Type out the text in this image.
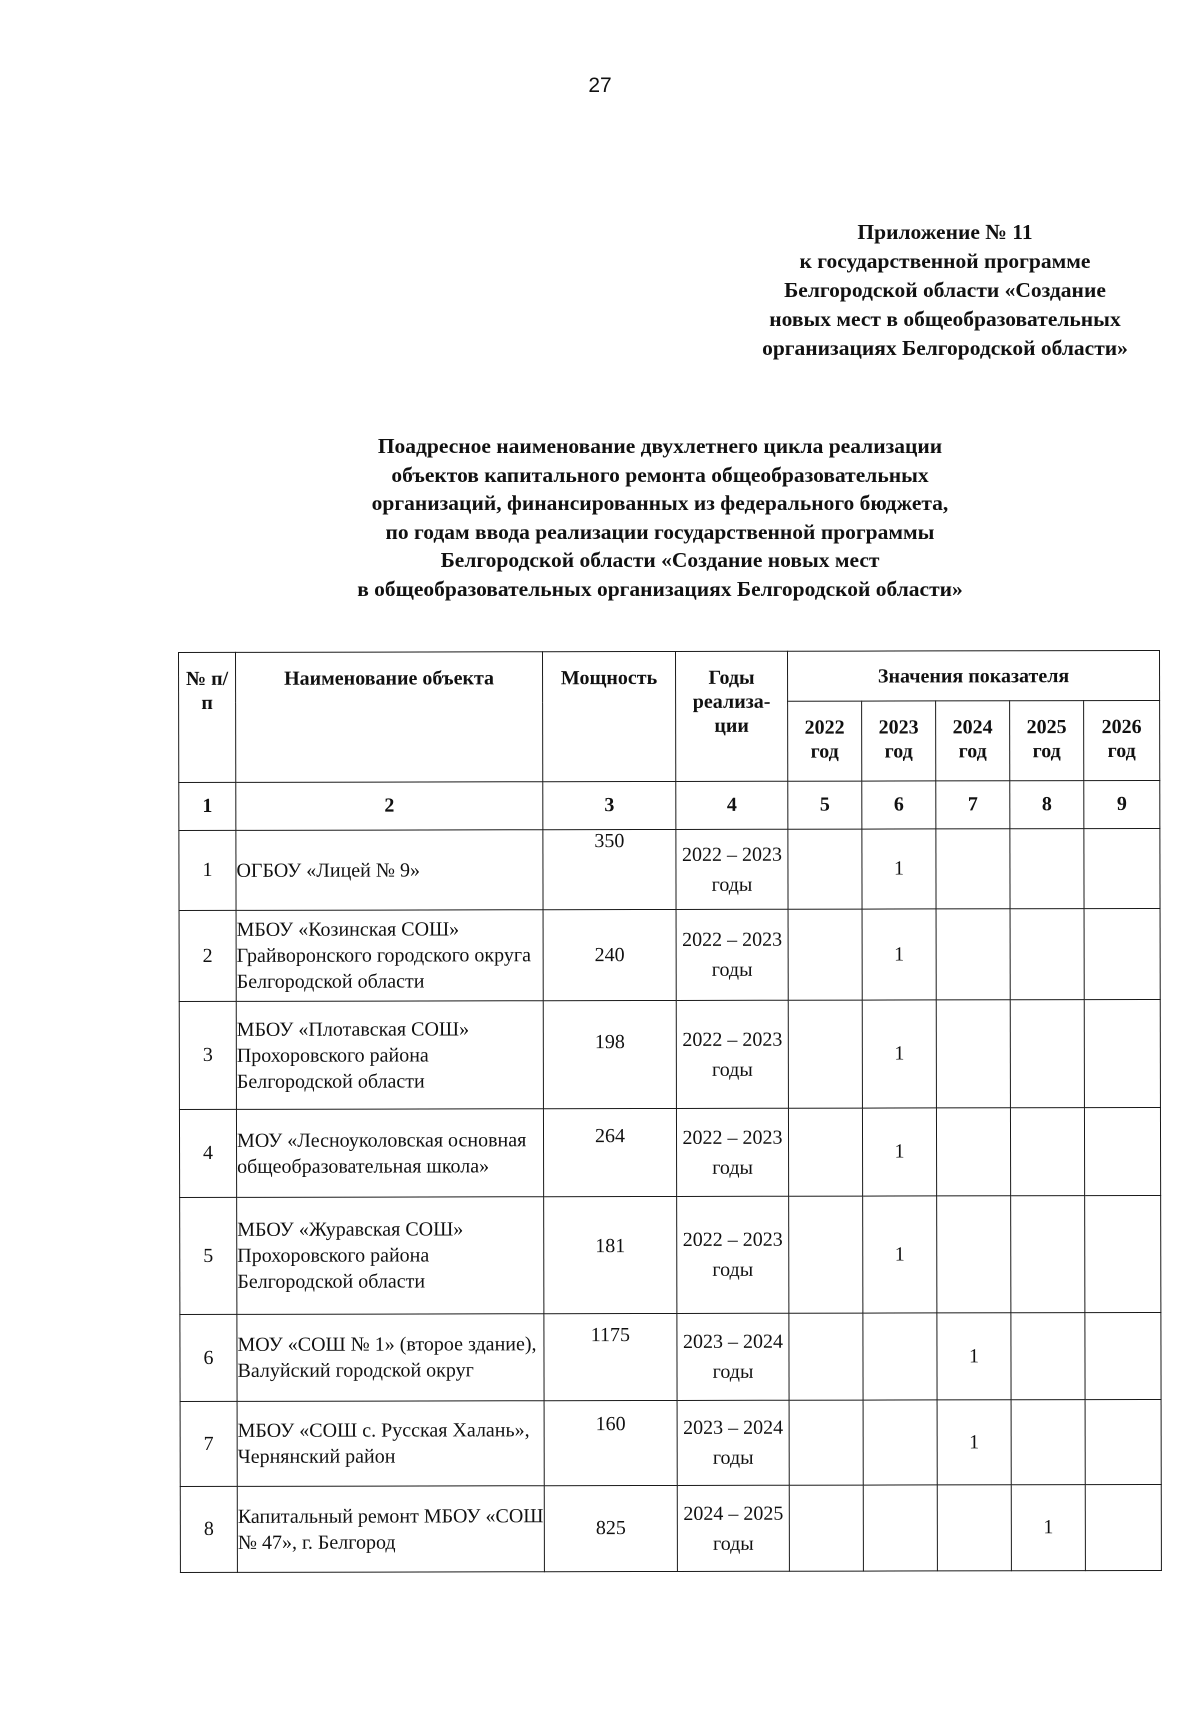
27
Приложение № 11
к государственной программе
Белгородской области «Создание
новых мест в общеобразовательных
организациях Белгородской области»
Поадресное наименование двухлетнего цикла реализации
объектов капитального ремонта общеобразовательных
организаций, финансированных из федерального бюджета,
по годам ввода реализации государственной программы
Белгородской области «Создание новых мест
в общеобразовательных организациях Белгородской области»
№ п/п	Наименование объекта	Мощность	Годы реализа-ции	Значения показателя				
				2022 год	2023 год	2024 год	2025 год	2026 год
1	2	3	4	5	6	7	8	9
1	ОГБОУ «Лицей № 9»	350	2022 – 2023 годы		1			
2	МБОУ «Козинская СОШ» Грайворонского городского округа Белгородской области	240	2022 – 2023 годы		1			
3	МБОУ «Плотавская СОШ» Прохоровского района Белгородской области	198	2022 – 2023 годы		1			
4	МОУ «Лесноуколовская основная общеобразовательная школа»	264	2022 – 2023 годы		1			
5	МБОУ «Журавская СОШ» Прохоровского района Белгородской области	181	2022 – 2023 годы		1			
6	МОУ «СОШ № 1» (второе здание), Валуйский городской округ	1175	2023 – 2024 годы			1		
7	МБОУ «СОШ с. Русская Халань», Чернянский район	160	2023 – 2024 годы			1		
8	Капитальный ремонт МБОУ «СОШ № 47», г. Белгород	825	2024 – 2025 годы				1	
